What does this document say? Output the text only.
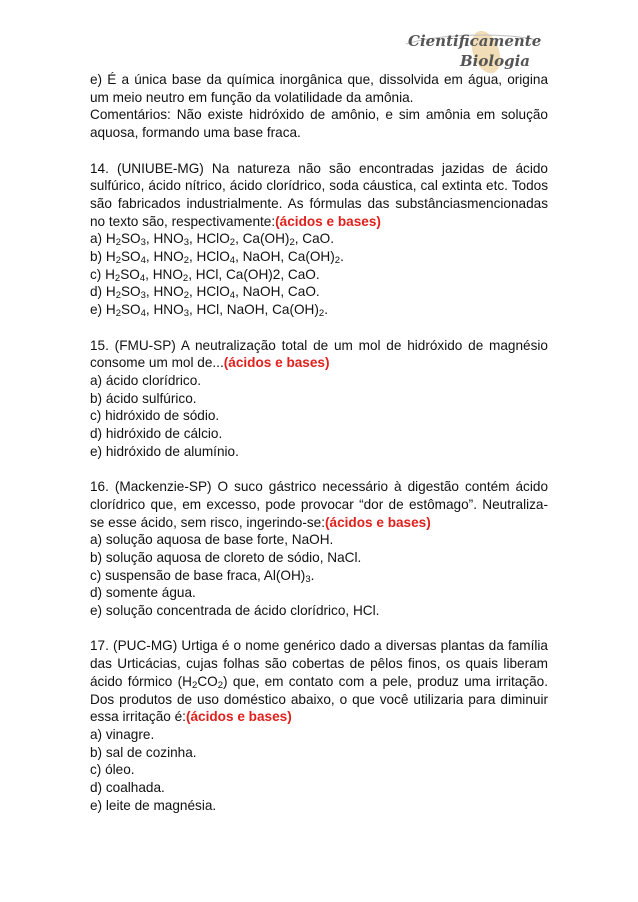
Cientificamente
Biologia

e) É a única base da química inorgânica que, dissolvida em água, origina um meio neutro em função da volatilidade da amônia.

Comentários: Não existe hidróxido de amônio, e sim amônia em solução aquosa, formando uma base fraca.

14. (UNIUBE-MG) Na natureza não são encontradas jazidas de ácido sulfúrico, ácido nítrico, ácido clorídrico, soda cáustica, cal extinta etc. Todos são fabricados industrialmente. As fórmulas das substânciasmencionadas no texto são, respectivamente:(ácidos e bases)

a) $H_2SO_3$, $HNO_3$, HClO$_2$, $Ca(OH)_2$, CaO.

b) $H_2SO_4$, $HNO_2$, HClO$_4$, NaOH, $Ca(OH)_2$.

c) $H_2SO_4$, $HNO_2$, HCl, Ca(OH)2, CaO.

d) $H_2SO_3$, $HNO_2$, HClO$_4$, NaOH, CaO.

e) $H_2SO_4$, $HNO_3$, HCl, NaOH, $Ca(OH)_2$.

15. (FMU-SP) A neutralização total de um mol de hidróxido de magnésio consome um mol de...(ácidos e bases)

a) ácido clorídrico.

b) ácido sulfúrico.

c) hidróxido de sódio.

d) hidróxido de cálcio.

e) hidróxido de alumínio.

16. (Mackenzie-SP) O suco gástrico necessário à digestão contém ácido clorídrico que, em excesso, pode provocar “dor de estômago”. Neutraliza-se esse ácido, sem risco, ingerindo-se:(ácidos e bases)

a) solução aquosa de base forte, NaOH.

b) solução aquosa de cloreto de sódio, NaCl.

c) suspensão de base fraca, $Al(OH)_3$.

d) somente água.

e) solução concentrada de ácido clorídrico, HCl.

17. (PUC-MG) Urtiga é o nome genérico dado a diversas plantas da família das Urticácias, cujas folhas são cobertas de pêlos finos, os quais liberam ácido fórmico $(H_2CO_2)$ que, em contato com a pele, produz uma irritação. Dos produtos de uso doméstico abaixo, o que você utilizaria para diminuir essa irritação é:(ácidos e bases)

a) vinagre.

b) sal de cozinha.

c) óleo.

d) coalhada.

e) leite de magnésia.
